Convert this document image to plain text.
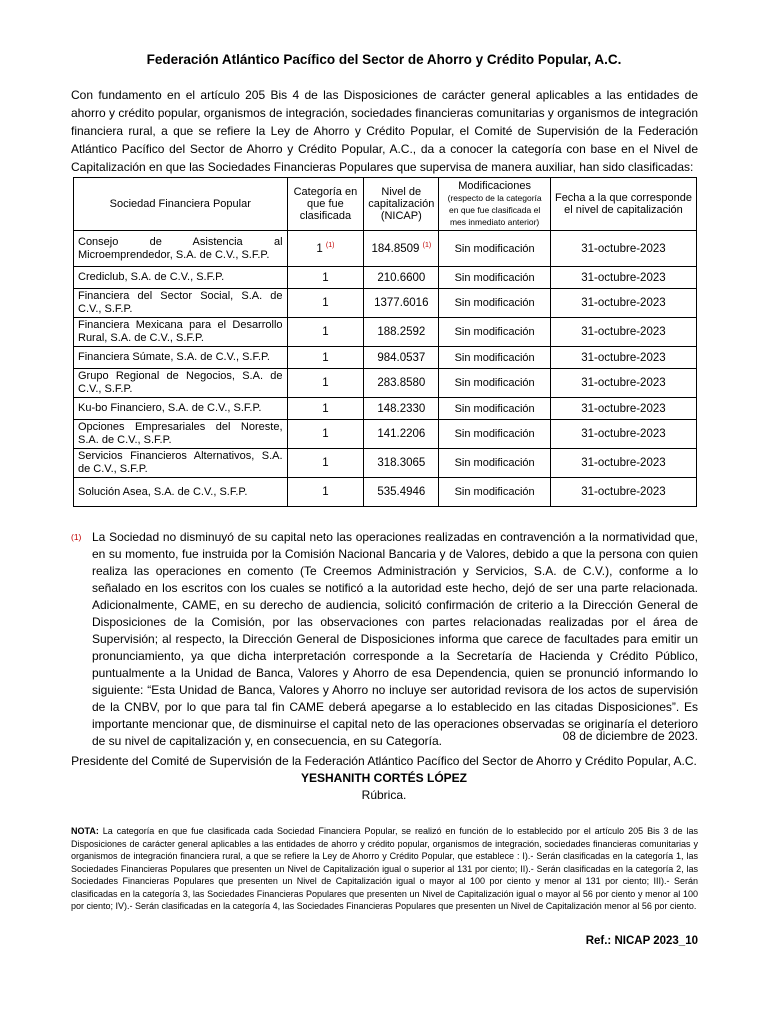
Federación Atlántico Pacífico del Sector de Ahorro y Crédito Popular, A.C.
Con fundamento en el artículo 205 Bis 4 de las Disposiciones de carácter general aplicables a las entidades de ahorro y crédito popular, organismos de integración, sociedades financieras comunitarias y organismos de integración financiera rural, a que se refiere la Ley de Ahorro y Crédito Popular, el Comité de Supervisión de la Federación Atlántico Pacífico del Sector de Ahorro y Crédito Popular, A.C., da a conocer la categoría con base en el Nivel de Capitalización en que las Sociedades Financieras Populares que supervisa de manera auxiliar, han sido clasificadas:
Sociedad Financiera Popular	Categoría en que fue clasificada	Nivel de capitalización (NICAP)	Modificaciones (respecto de la categoría en que fue clasificada el mes inmediato anterior)	Fecha a la que corresponde el nivel de capitalización
Consejo de Asistencia al Microemprendedor, S.A. de C.V., S.F.P.	1 $^{(1)}$	184.8509 $^{(1)}$	Sin modificación	31-octubre-2023
Crediclub, S.A. de C.V., S.F.P.	1	210.6600	Sin modificación	31-octubre-2023
Financiera del Sector Social, S.A. de C.V., S.F.P.	1	1377.6016	Sin modificación	31-octubre-2023
Financiera Mexicana para el Desarrollo Rural, S.A. de C.V., S.F.P.	1	188.2592	Sin modificación	31-octubre-2023
Financiera Súmate, S.A. de C.V., S.F.P.	1	984.0537	Sin modificación	31-octubre-2023
Grupo Regional de Negocios, S.A. de C.V., S.F.P.	1	283.8580	Sin modificación	31-octubre-2023
Ku-bo Financiero, S.A. de C.V., S.F.P.	1	148.2330	Sin modificación	31-octubre-2023
Opciones Empresariales del Noreste, S.A. de C.V., S.F.P.	1	141.2206	Sin modificación	31-octubre-2023
Servicios Financieros Alternativos, S.A. de C.V., S.F.P.	1	318.3065	Sin modificación	31-octubre-2023
Solución Asea, S.A. de C.V., S.F.P.	1	535.4946	Sin modificación	31-octubre-2023
(1) La Sociedad no disminuyó de su capital neto las operaciones realizadas en contravención a la normatividad que, en su momento, fue instruida por la Comisión Nacional Bancaria y de Valores, debido a que la persona con quien realiza las operaciones en comento (Te Creemos Administración y Servicios, S.A. de C.V.), conforme a lo señalado en los escritos con los cuales se notificó a la autoridad este hecho, dejó de ser una parte relacionada. Adicionalmente, CAME, en su derecho de audiencia, solicitó confirmación de criterio a la Dirección General de Disposiciones de la Comisión, por las observaciones con partes relacionadas realizadas por el área de Supervisión; al respecto, la Dirección General de Disposiciones informa que carece de facultades para emitir un pronunciamiento, ya que dicha interpretación corresponde a la Secretaría de Hacienda y Crédito Público, puntualmente a la Unidad de Banca, Valores y Ahorro de esa Dependencia, quien se pronunció informando lo siguiente: “Esta Unidad de Banca, Valores y Ahorro no incluye ser autoridad revisora de los actos de supervisión de la CNBV, por lo que para tal fin CAME deberá apegarse a lo establecido en las citadas Disposiciones”. Es importante mencionar que, de disminuirse el capital neto de las operaciones observadas se originaría el deterioro de su nivel de capitalización y, en consecuencia, en su Categoría.	08 de diciembre de 2023.
Presidente del Comité de Supervisión de la Federación Atlántico Pacífico del Sector de Ahorro y Crédito Popular, A.C.
YESHANITH CORTÉS LÓPEZ
Rúbrica.
NOTA: La categoría en que fue clasificada cada Sociedad Financiera Popular, se realizó en función de lo establecido por el artículo 205 Bis 3 de las Disposiciones de carácter general aplicables a las entidades de ahorro y crédito popular, organismos de integración, sociedades financieras comunitarias y organismos de integración financiera rural, a que se refiere la Ley de Ahorro y Crédito Popular, que establece : I).- Serán clasificadas en la categoría 1, las Sociedades Financieras Populares que presenten un Nivel de Capitalización igual o superior al 131 por ciento; II).- Serán clasificadas en la categoría 2, las Sociedades Financieras Populares que presenten un Nivel de Capitalización igual o mayor al 100 por ciento y menor al 131 por ciento; III).- Serán clasificadas en la categoría 3, las Sociedades Financieras Populares que presenten un Nivel de Capitalización igual o mayor al 56 por ciento y menor al 100 por ciento; IV).- Serán clasificadas en la categoría 4, las Sociedades Financieras Populares que presenten un Nivel de Capitalización menor al 56 por ciento.
Ref.: NICAP 2023_10
